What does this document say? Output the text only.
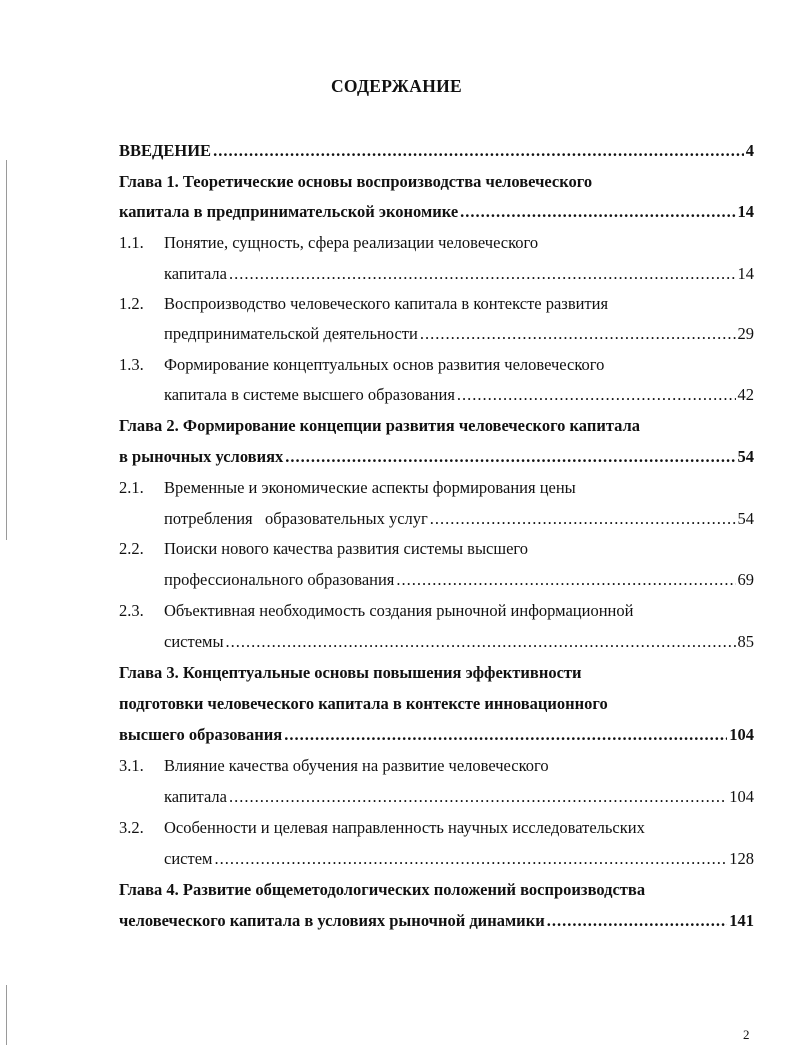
СОДЕРЖАНИЕ
ВВЕДЕНИЕ .....	4
Глава 1. Теоретические основы воспроизводства человеческого
капитала в предпринимательской экономике .....	14
1.1. Понятие, сущность, сфера реализации человеческого
капитала .....	14
1.2. Воспроизводство человеческого капитала в контексте развития
предпринимательской деятельности .....	29
1.3. Формирование концептуальных основ развития человеческого
капитала в системе высшего образования .....	42
Глава 2. Формирование концепции развития человеческого капитала
в рыночных условиях .....	54
2.1. Временные и экономические аспекты формирования цены
потребления   образовательных услуг .....	54
2.2. Поиски нового качества развития системы высшего
профессионального образования .....	69
2.3. Объективная необходимость создания рыночной информационной
системы .....	85
Глава 3. Концептуальные основы повышения эффективности
подготовки человеческого капитала в контексте инновационного
высшего образования .....	104
3.1. Влияние качества обучения на развитие человеческого
капитала .....	104
3.2. Особенности и целевая направленность научных исследовательских
систем .....	128
Глава 4. Развитие общеметодологических положений воспроизводства
человеческого капитала в условиях рыночной динамики .....	141
2
